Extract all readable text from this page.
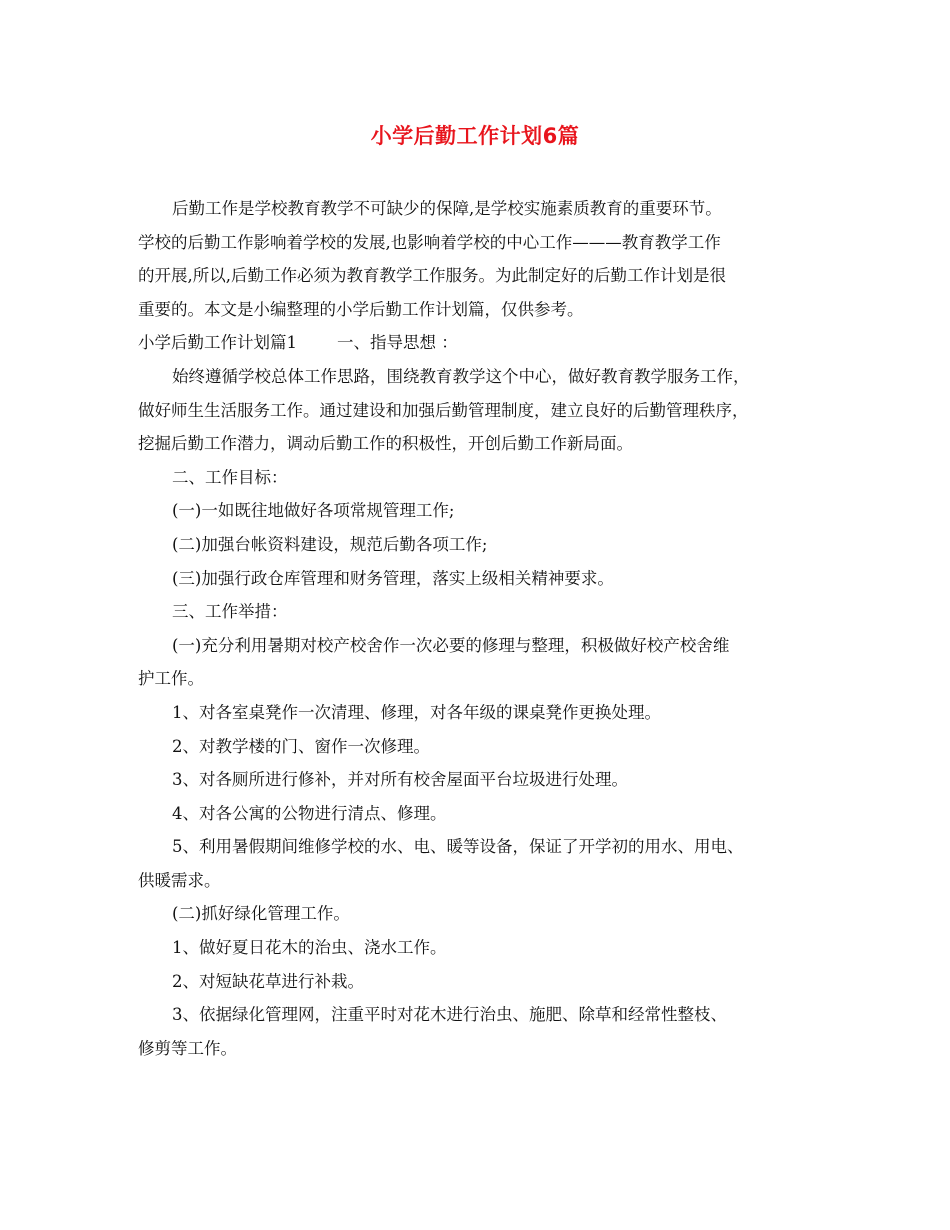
小学后勤工作计划6篇

后勤工作是学校教育教学不可缺少的保障,是学校实施素质教育的重要环节。

学校的后勤工作影响着学校的发展,也影响着学校的中心工作———教育教学工作

的开展,所以,后勤工作必须为教育教学工作服务。为此制定好的后勤工作计划是很

重要的。本文是小编整理的小学后勤工作计划篇，仅供参考。

小学后勤工作计划篇1 一、指导思想 ：

始终遵循学校总体工作思路，围绕教育教学这个中心，做好教育教学服务工作，

做好师生生活服务工作。通过建设和加强后勤管理制度，建立良好的后勤管理秩序，

挖掘后勤工作潜力，调动后勤工作的积极性，开创后勤工作新局面。

二、工作目标：

(一)一如既往地做好各项常规管理工作;

(二)加强台帐资料建设，规范后勤各项工作;

(三)加强行政仓库管理和财务管理，落实上级相关精神要求。

三、工作举措：

(一)充分利用暑期对校产校舍作一次必要的修理与整理，积极做好校产校舍维

护工作。

1、对各室桌凳作一次清理、修理，对各年级的课桌凳作更换处理。

2、对教学楼的门、窗作一次修理。

3、对各厕所进行修补，并对所有校舍屋面平台垃圾进行处理。

4、对各公寓的公物进行清点、修理。

5、利用暑假期间维修学校的水、电、暖等设备，保证了开学初的用水、用电、

供暖需求。

(二)抓好绿化管理工作。

1、做好夏日花木的治虫、浇水工作。

2、对短缺花草进行补栽。

3、依据绿化管理网，注重平时对花木进行治虫、施肥、除草和经常性整枝、

修剪等工作。
